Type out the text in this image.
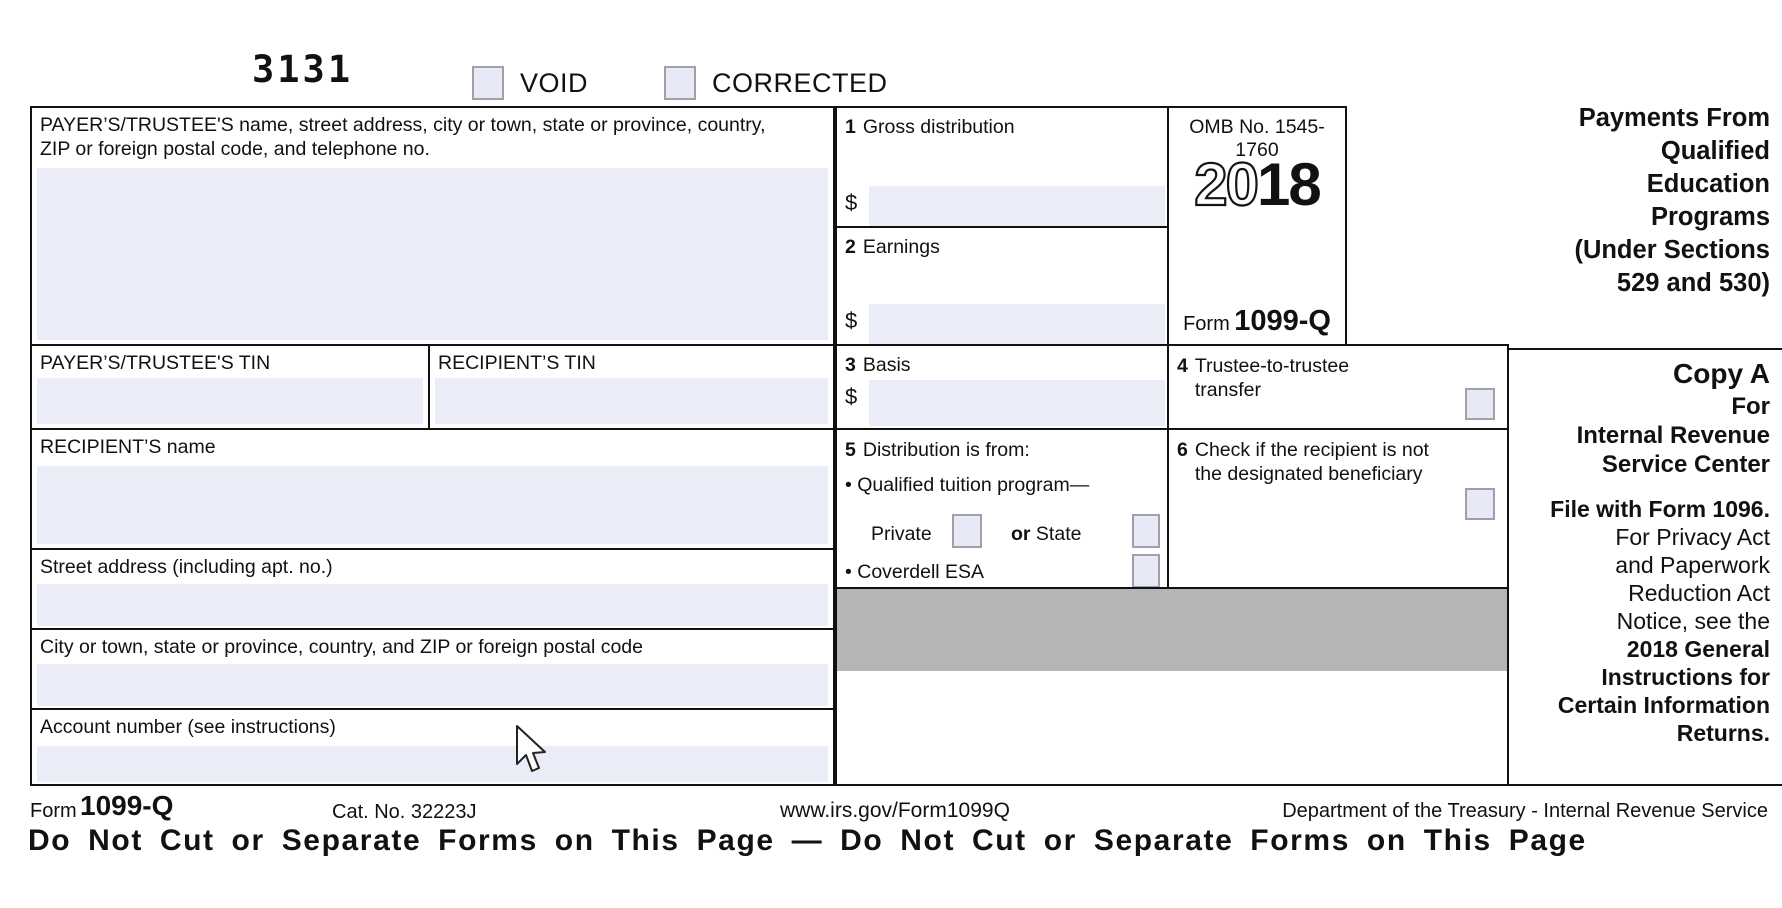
3131	VOID	CORRECTED
PAYER’S/TRUSTEE'S name, street address, city or town, state or province, country, ZIP or foreign postal code, and telephone no.
PAYER’S/TRUSTEE'S TIN	RECIPIENT’S TIN
RECIPIENT’S name
Street address (including apt. no.)
City or town, state or province, country, and ZIP or foreign postal code
Account number (see instructions)
1 Gross distribution
$
2 Earnings
$
3 Basis
$
5 Distribution is from:
• Qualified tuition program—
Private	or State
• Coverdell ESA
OMB No. 1545-1760
2018
Form 1099-Q
4 Trustee-to-trustee transfer
6 Check if the recipient is not the designated beneficiary
Payments From
Qualified
Education
Programs
(Under Sections
529 and 530)
Copy A
For
Internal Revenue
Service Center
File with Form 1096.
For Privacy Act
and Paperwork
Reduction Act
Notice, see the
2018 General
Instructions for
Certain Information
Returns.
Form 1099-Q	Cat. No. 32223J	www.irs.gov/Form1099Q	Department of the Treasury - Internal Revenue Service
Do Not Cut or Separate Forms on This Page — Do Not Cut or Separate Forms on This Page
